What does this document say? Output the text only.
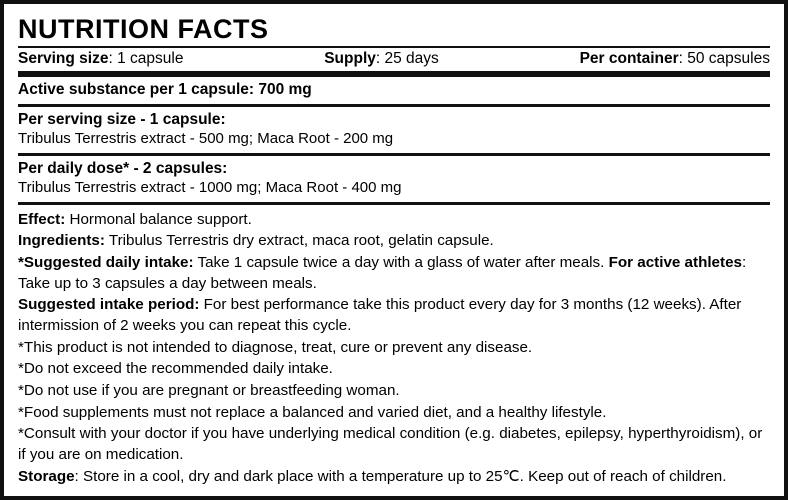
NUTRITION FACTS
Serving size: 1 capsule	Supply: 25 days	Per container: 50 capsules
Active substance per 1 capsule: 700 mg
Per serving size - 1 capsule:
Tribulus Terrestris extract - 500 mg; Maca Root - 200 mg
Per daily dose* - 2 capsules:
Tribulus Terrestris extract - 1000 mg; Maca Root - 400 mg

Effect: Hormonal balance support.

Ingredients: Tribulus Terrestris dry extract, maca root, gelatin capsule.

*Suggested daily intake: Take 1 capsule twice a day with a glass of water after meals. For active athletes: Take up to 3 capsules a day between meals.

Suggested intake period: For best performance take this product every day for 3 months (12 weeks). After intermission of 2 weeks you can repeat this cycle.

*This product is not intended to diagnose, treat, cure or prevent any disease.

*Do not exceed the recommended daily intake.

*Do not use if you are pregnant or breastfeeding woman.

*Food supplements must not replace a balanced and varied diet, and a healthy lifestyle.

*Consult with your doctor if you have underlying medical condition (e.g. diabetes, epilepsy, hyperthyroidism), or if you are on medication.

Storage: Store in a cool, dry and dark place with a temperature up to 25℃. Keep out of reach of children.
